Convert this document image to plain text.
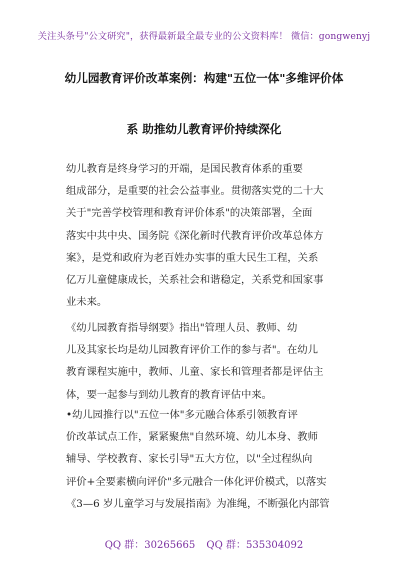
关注头条号"公文研究"，获得最新最全最专业的公文资料库！ 微信：gongwenyj
幼儿园教育评价改革案例：构建"五位一体"多维评价体
系 助推幼儿教育评价持续深化
幼儿教育是终身学习的开端，是国民教育体系的重要
组成部分，是重要的社会公益事业。贯彻落实党的二十大
关于"完善学校管理和教育评价体系"的决策部署，全面
落实中共中央、国务院《深化新时代教育评价改革总体方
案》，是党和政府为老百姓办实事的重大民生工程，关系
亿万儿童健康成长，关系社会和谐稳定，关系党和国家事
业未来。
《幼儿园教育指导纲要》指出"管理人员、教师、幼
儿及其家长均是幼儿园教育评价工作的参与者"。在幼儿
教育课程实施中，教师、儿童、家长和管理者都是评估主
体，要一起参与到幼儿教育的教育评估中来。
•幼儿园推行以"五位一体"多元融合体系引领教育评
价改革试点工作，紧紧聚焦"自然环境、幼儿本身、教师
辅导、学校教育、家长引导"五大方位，以"全过程纵向
评价+全要素横向评价"多元融合一体化评价模式，以落实
《3—6 岁儿童学习与发展指南》为准绳，不断强化内部管
QQ 群：30265665 QQ 群：535304092
